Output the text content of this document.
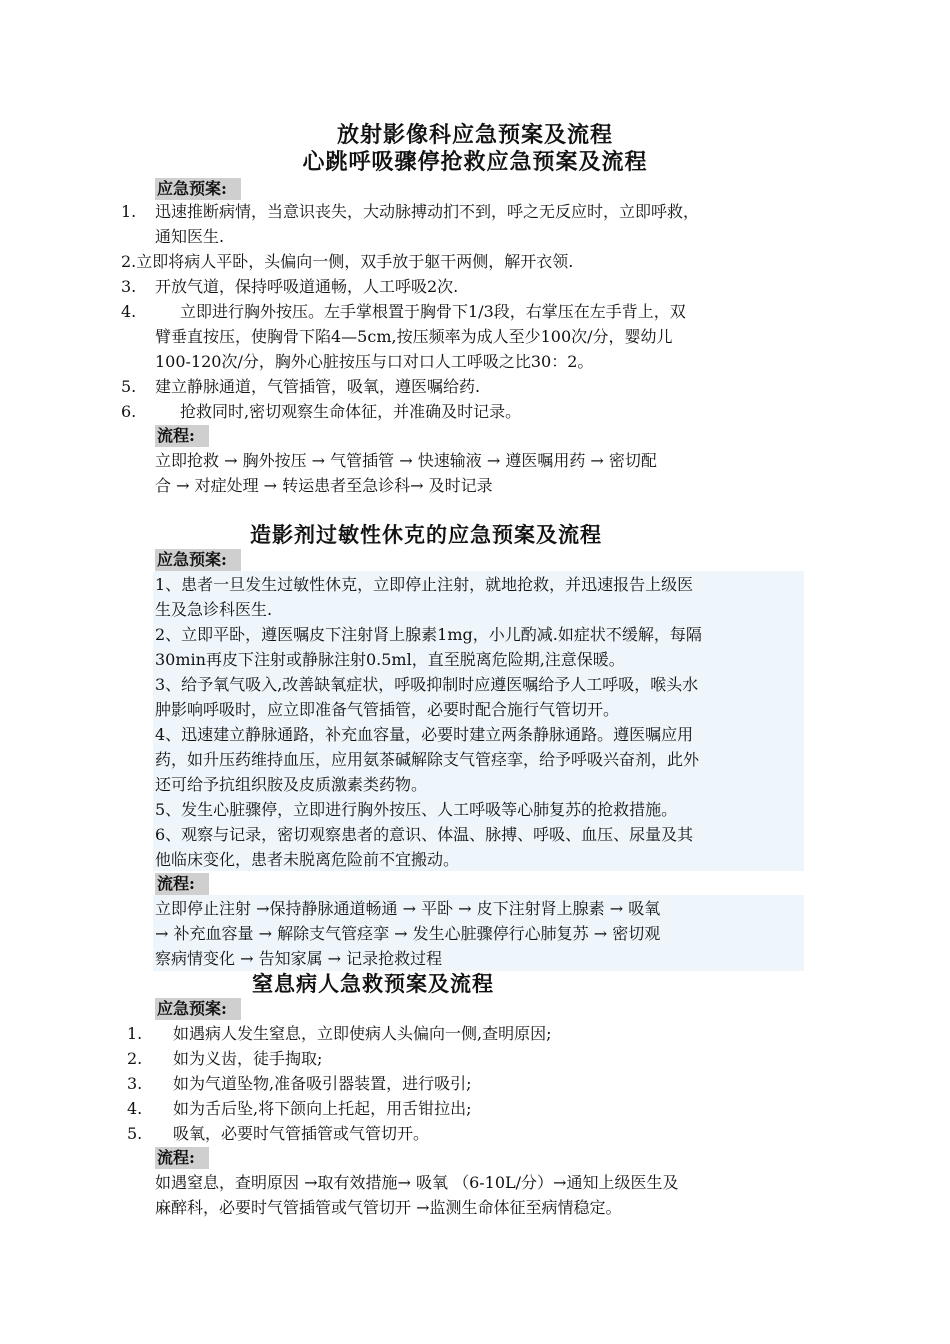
放射影像科应急预案及流程
心跳呼吸骤停抢救应急预案及流程
应急预案:
1. 迅速推断病情，当意识丧失，大动脉搏动扪不到，呼之无反应时，立即呼救，
通知医生.
2.立即将病人平卧，头偏向一侧，双手放于躯干两侧，解开衣领.
3. 开放气道，保持呼吸道通畅，人工呼吸2次.
4.	立即进行胸外按压。左手掌根置于胸骨下1/3段，右掌压在左手背上，双
臂垂直按压，使胸骨下陷4—5cm,按压频率为成人至少100次/分，婴幼儿
100-120次/分，胸外心脏按压与口对口人工呼吸之比30：2。
5. 建立静脉通道，气管插管，吸氧，遵医嘱给药.
6.	抢救同时,密切观察生命体征，并准确及时记录。
流程:
立即抢救 → 胸外按压 → 气管插管 → 快速输液 → 遵医嘱用药 → 密切配
合 → 对症处理 → 转运患者至急诊科→ 及时记录
造影剂过敏性休克的应急预案及流程
应急预案:
1、患者一旦发生过敏性休克，立即停止注射，就地抢救，并迅速报告上级医
生及急诊科医生.
2、立即平卧，遵医嘱皮下注射肾上腺素1mg，小儿酌减.如症状不缓解，每隔
30min再皮下注射或静脉注射0.5ml，直至脱离危险期,注意保暖。
3、给予氧气吸入,改善缺氧症状，呼吸抑制时应遵医嘱给予人工呼吸，喉头水
肿影响呼吸时，应立即准备气管插管，必要时配合施行气管切开。
4、迅速建立静脉通路，补充血容量，必要时建立两条静脉通路。遵医嘱应用
药，如升压药维持血压，应用氨茶碱解除支气管痉挛，给予呼吸兴奋剂，此外
还可给予抗组织胺及皮质激素类药物。
5、发生心脏骤停，立即进行胸外按压、人工呼吸等心肺复苏的抢救措施。
6、观察与记录，密切观察患者的意识、体温、脉搏、呼吸、血压、尿量及其
他临床变化，患者未脱离危险前不宜搬动。
流程:
立即停止注射 →保持静脉通道畅通 → 平卧 → 皮下注射肾上腺素 → 吸氧
→ 补充血容量 → 解除支气管痉挛 → 发生心脏骤停行心肺复苏 → 密切观
察病情变化 → 告知家属 → 记录抢救过程
窒息病人急救预案及流程
应急预案:
1. 如遇病人发生窒息，立即使病人头偏向一侧,查明原因;
2. 如为义齿，徒手掏取;
3. 如为气道坠物,准备吸引器装置，进行吸引;
4. 如为舌后坠,将下颌向上托起，用舌钳拉出;
5. 吸氧，必要时气管插管或气管切开。
流程:
如遇窒息，查明原因 →取有效措施→ 吸氧 （6-10L/分）→通知上级医生及
麻醉科，必要时气管插管或气管切开 →监测生命体征至病情稳定。
